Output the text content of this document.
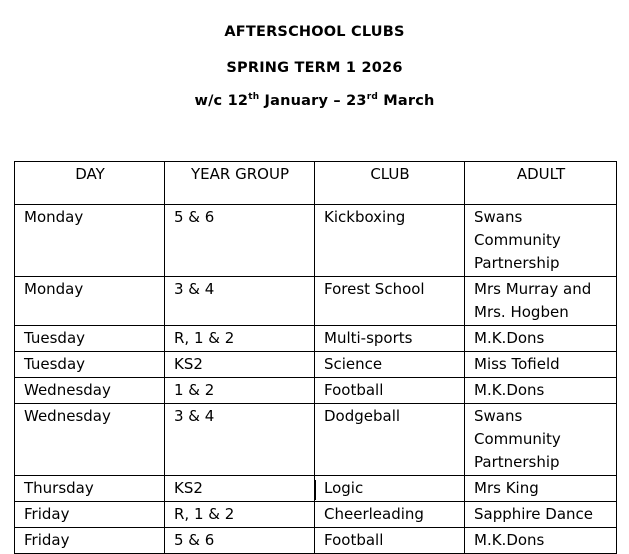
AFTERSCHOOL CLUBS
SPRING TERM 1 2026
w/c 12th January – 23rd March
DAY	YEAR GROUP	CLUB	ADULT
Monday	5 & 6	Kickboxing	Swans Community Partnership
Monday	3 & 4	Forest School	Mrs Murray and Mrs. Hogben
Tuesday	R, 1 & 2	Multi-sports	M.K.Dons
Tuesday	KS2	Science	Miss Tofield
Wednesday	1 & 2	Football	M.K.Dons
Wednesday	3 & 4	Dodgeball	Swans Community Partnership
Thursday	KS2	Logic	Mrs King
Friday	R, 1 & 2	Cheerleading	Sapphire Dance
Friday	5 & 6	Football	M.K.Dons
